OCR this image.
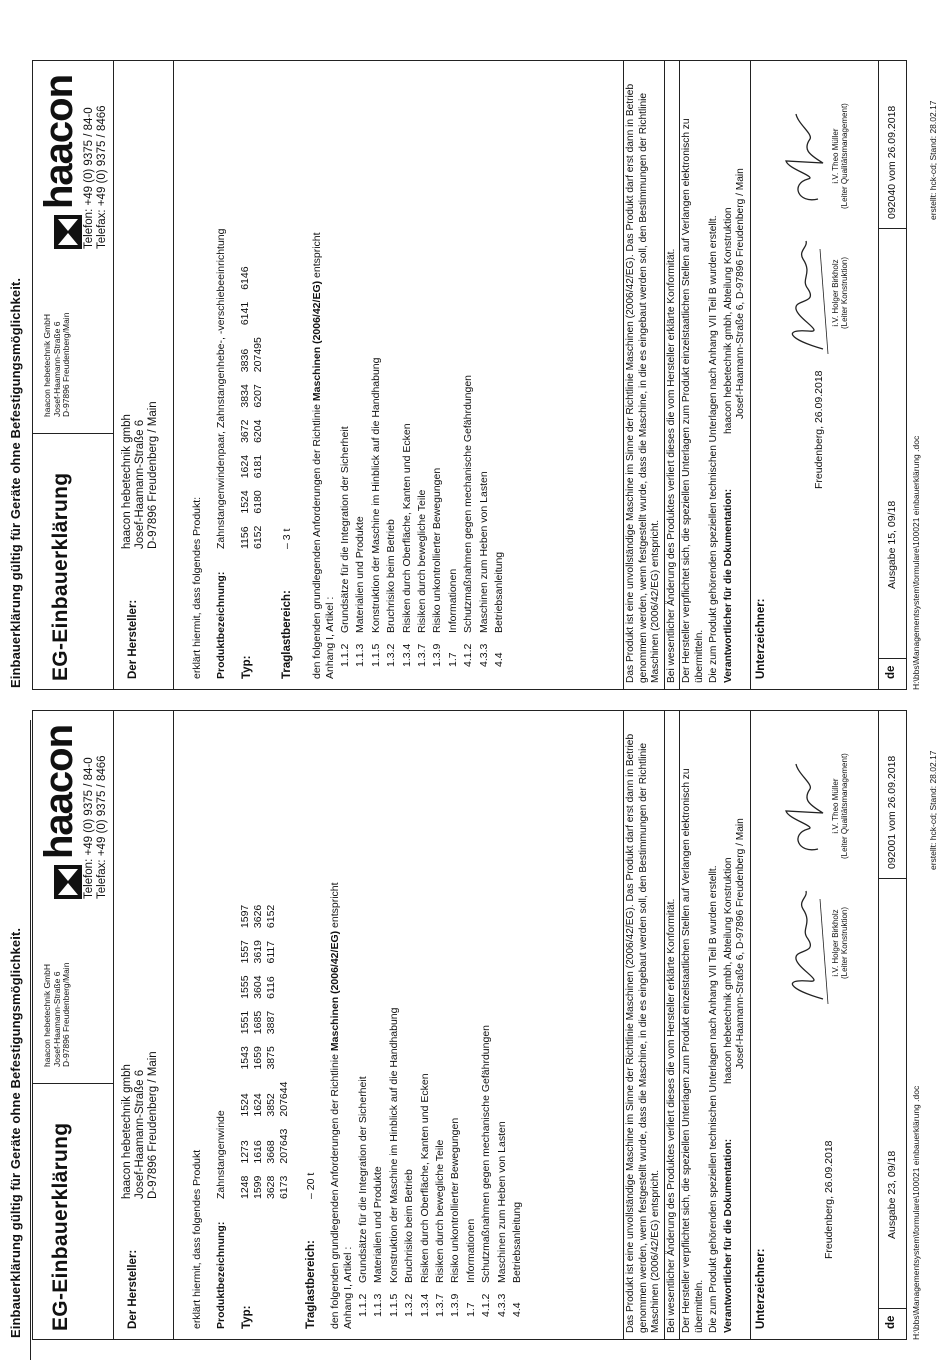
Einbauerklärung gültig für Geräte ohne Befestigungsmöglichkeit.
Einbauerklärung gültig für Geräte ohne Befestigungsmöglichkeit.
EG-Einbauerklärung
haacon hebetechnik GmbH Josef-Haamann-Straße 6 D-97896 Freudenberg/Main
haacon Telefon: +49 (0) 9375 / 84-0 Telefax: +49 (0) 9375 / 8466
Der Hersteller:
haacon hebetechnik gmbh Josef-Haamann-Straße 6 D-97896 Freudenberg / Main
erklärt hiermit, dass folgendes Produkt Produktbezeichnung:
Zahnstangenwinde
Typ:
1248	1273	1524	1543	1551	1555	1557	1597
1599	1616	1624	1659	1685	3604	3619	3626
3628	3668	3852	3875	3887	6116	6117	6152
6173	207643	207644					
Traglastbereich:
– 20 t den folgenden grundlegenden Anforderungen der Richtlinie Maschinen (2006/42/EG) entspricht
Anhang I, Artikel : 1.1.2	Grundsätze für die Integration der Sicherheit
1.1.3	Materialien und Produkte
1.1.5	Konstruktion der Maschine im Hinblick auf die Handhabung
1.3.2	Bruchrisiko beim Betrieb
1.3.4	Risiken durch Oberfläche, Kanten und Ecken
1.3.7	Risiken durch bewegliche Teile
1.3.9	Risiko unkontrollierter Bewegungen
1.7	Informationen
4.1.2	Schutzmaßnahmen gegen mechanische Gefährdungen
4.3.3	Maschinen zum Heben von Lasten
4.4	Betriebsanleitung	Das Produkt ist eine unvollständige Maschine im Sinne der Richtlinie Maschinen (2006/42/EG). Das Produkt darf erst dann in Betrieb genommen werden, wenn festgestellt wurde, dass die Maschine, in die es eingebaut werden soll, den Bestimmungen der Richtlinie Maschinen (2006/42/EG) entspricht. Bei wesentlicher Änderung des Produktes verliert dieses die vom Hersteller erklärte Konformität. Der Hersteller verpflichtet sich, die speziellen Unterlagen zum Produkt einzelstaatlichen Stellen auf Verlangen elektronisch zu übermitteln. Die zum Produkt gehörenden speziellen technischen Unterlagen nach Anhang VII Teil B wurden erstellt. Verantwortlicher für die Dokumentation:
haacon hebetechnik gmbh, Abteilung Konstruktion Josef-Haamann-Straße 6, D-97896 Freudenberg / Main
Unterzeichner:
Freudenberg, 26.09.2018
i.V. Holger Birkholz (Leiter Konstruktion)
i.V. Theo Müller (Leiter Qualitätsmanagement)
de
Ausgabe 23, 09/18
092001 vom 26.09.2018
H:\bbs\Managementsystem\formulare\100021 einbauerklärung .doc
erstellt: hck-cd; Stand: 28.02.17
EG-Einbauerklärung
haacon hebetechnik GmbH Josef-Haamann-Straße 6 D-97896 Freudenberg/Main
haacon Telefon: +49 (0) 9375 / 84-0 Telefax: +49 (0) 9375 / 8466
Der Hersteller:
haacon hebetechnik gmbh Josef-Haamann-Straße 6 D-97896 Freudenberg / Main
erklärt hiermit, dass folgendes Produkt: Produktbezeichnung:
Zahnstangenwindenpaar, Zahnstangenhebe-, -verschiebeeinrichtung
Typ:
1156	1524	1624	3672	3834	3836	6141	6146
6152	6180	6181	6204	6207	207495		
Traglastbereich:
– 3 t den folgenden grundlegenden Anforderungen der Richtlinie Maschinen (2006/42/EG) entspricht
Anhang I, Artikel : 1.1.2	Grundsätze für die Integration der Sicherheit
1.1.3	Materialien und Produkte
1.1.5	Konstruktion der Maschine im Hinblick auf die Handhabung
1.3.2	Bruchrisiko beim Betrieb
1.3.4	Risiken durch Oberfläche, Kanten und Ecken
1.3.7	Risiken durch bewegliche Teile
1.3.9	Risiko unkontrollierter Bewegungen
1.7	Informationen
4.1.2	Schutzmaßnahmen gegen mechanische Gefährdungen
4.3.3	Maschinen zum Heben von Lasten
4.4	Betriebsanleitung	Das Produkt ist eine unvollständige Maschine im Sinne der Richtlinie Maschinen (2006/42/EG). Das Produkt darf erst dann in Betrieb genommen werden, wenn festgestellt wurde, dass die Maschine, in die es eingebaut werden soll, den Bestimmungen der Richtlinie Maschinen (2006/42/EG) entspricht. Bei wesentlicher Änderung des Produktes verliert dieses die vom Hersteller erklärte Konformität. Der Hersteller verpflichtet sich, die speziellen Unterlagen zum Produkt einzelstaatlichen Stellen auf Verlangen elektronisch zu übermitteln. Die zum Produkt gehörenden speziellen technischen Unterlagen nach Anhang VII Teil B wurden erstellt. Verantwortlicher für die Dokumentation:
haacon hebetechnik gmbh, Abteilung Konstruktion Josef-Haamann-Straße 6, D-97896 Freudenberg / Main
Unterzeichner:
Freudenberg, 26.09.2018
i.V. Holger Birkholz (Leiter Konstruktion)
i.V. Theo Müller (Leiter Qualitätsmanagement)
de
Ausgabe 15, 09/18
092040 vom 26.09.2018
H:\bbs\Managementsystem\formulare\100021 einbauerklärung .doc
erstellt: hck-cd; Stand: 28.02.17
